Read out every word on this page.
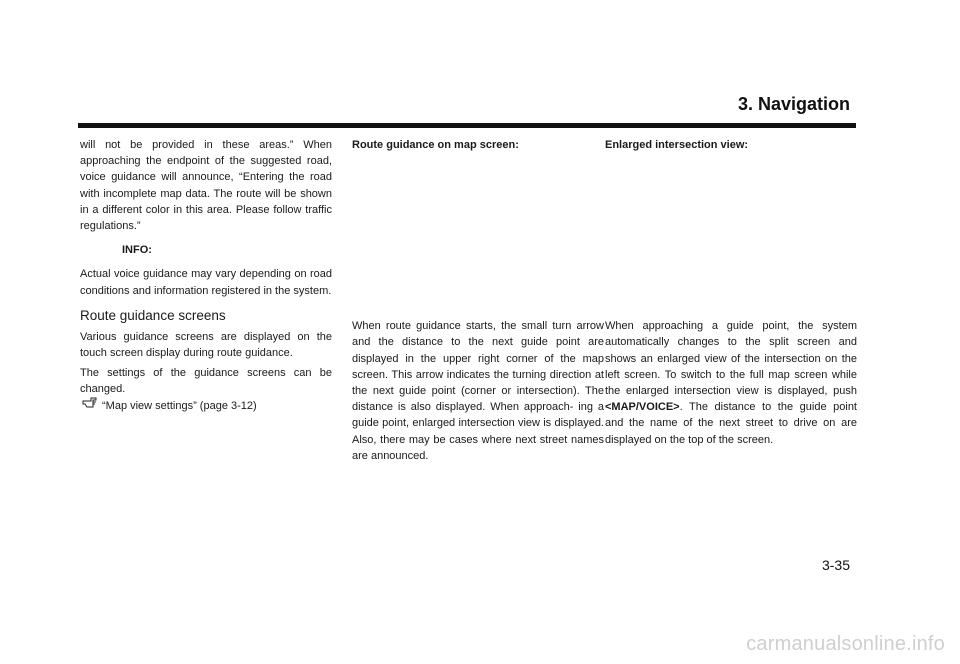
3. Navigation

will not be provided in these areas.” When approaching the endpoint of the suggested road, voice guidance will announce, “Entering the road with incomplete map data. The route will be shown in a different color in this area. Please follow traffic regulations.”

INFO:

Actual voice guidance may vary depending on road conditions and information registered in the system.

Route guidance screens

Various guidance screens are displayed on the touch screen display during route guidance.

The settings of the guidance screens can be changed.

“Map view settings” (page 3-12)

Route guidance on map screen:

When route guidance starts, the small turn arrow and the distance to the next guide point are displayed in the upper right corner of the map screen. This arrow indicates the turning direction at the next guide point (corner or intersection). The distance is also displayed. When approach- ing a guide point, enlarged intersection view is displayed. Also, there may be cases where next street names are announced.

Enlarged intersection view:

When approaching a guide point, the system automatically changes to the split screen and shows an enlarged view of the intersection on the left screen. To switch to the full map screen while the enlarged intersection view is displayed, push <MAP/VOICE>. The distance to the guide point and the name of the next street to drive on are displayed on the top of the screen.

3-35
carmanualsonline.info
